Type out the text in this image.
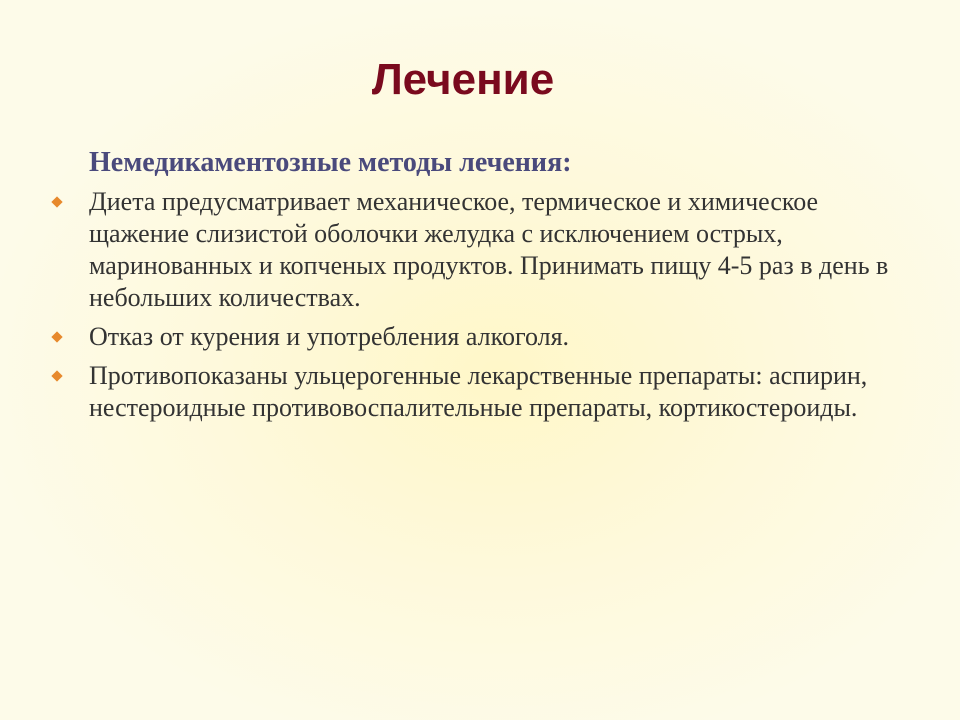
Лечение

Немедикаментозные методы лечения:

Диета предусматривает механическое, термическое и химическое щажение слизистой оболочки желудка с исключением острых, маринованных и копченых продуктов. Принимать пищу 4-5 раз в день в небольших количествах.
Отказ от курения и употребления алкоголя.
Противопоказаны ульцерогенные лекарственные препараты: аспирин, нестероидные противовоспалительные препараты, кортикостероиды.
